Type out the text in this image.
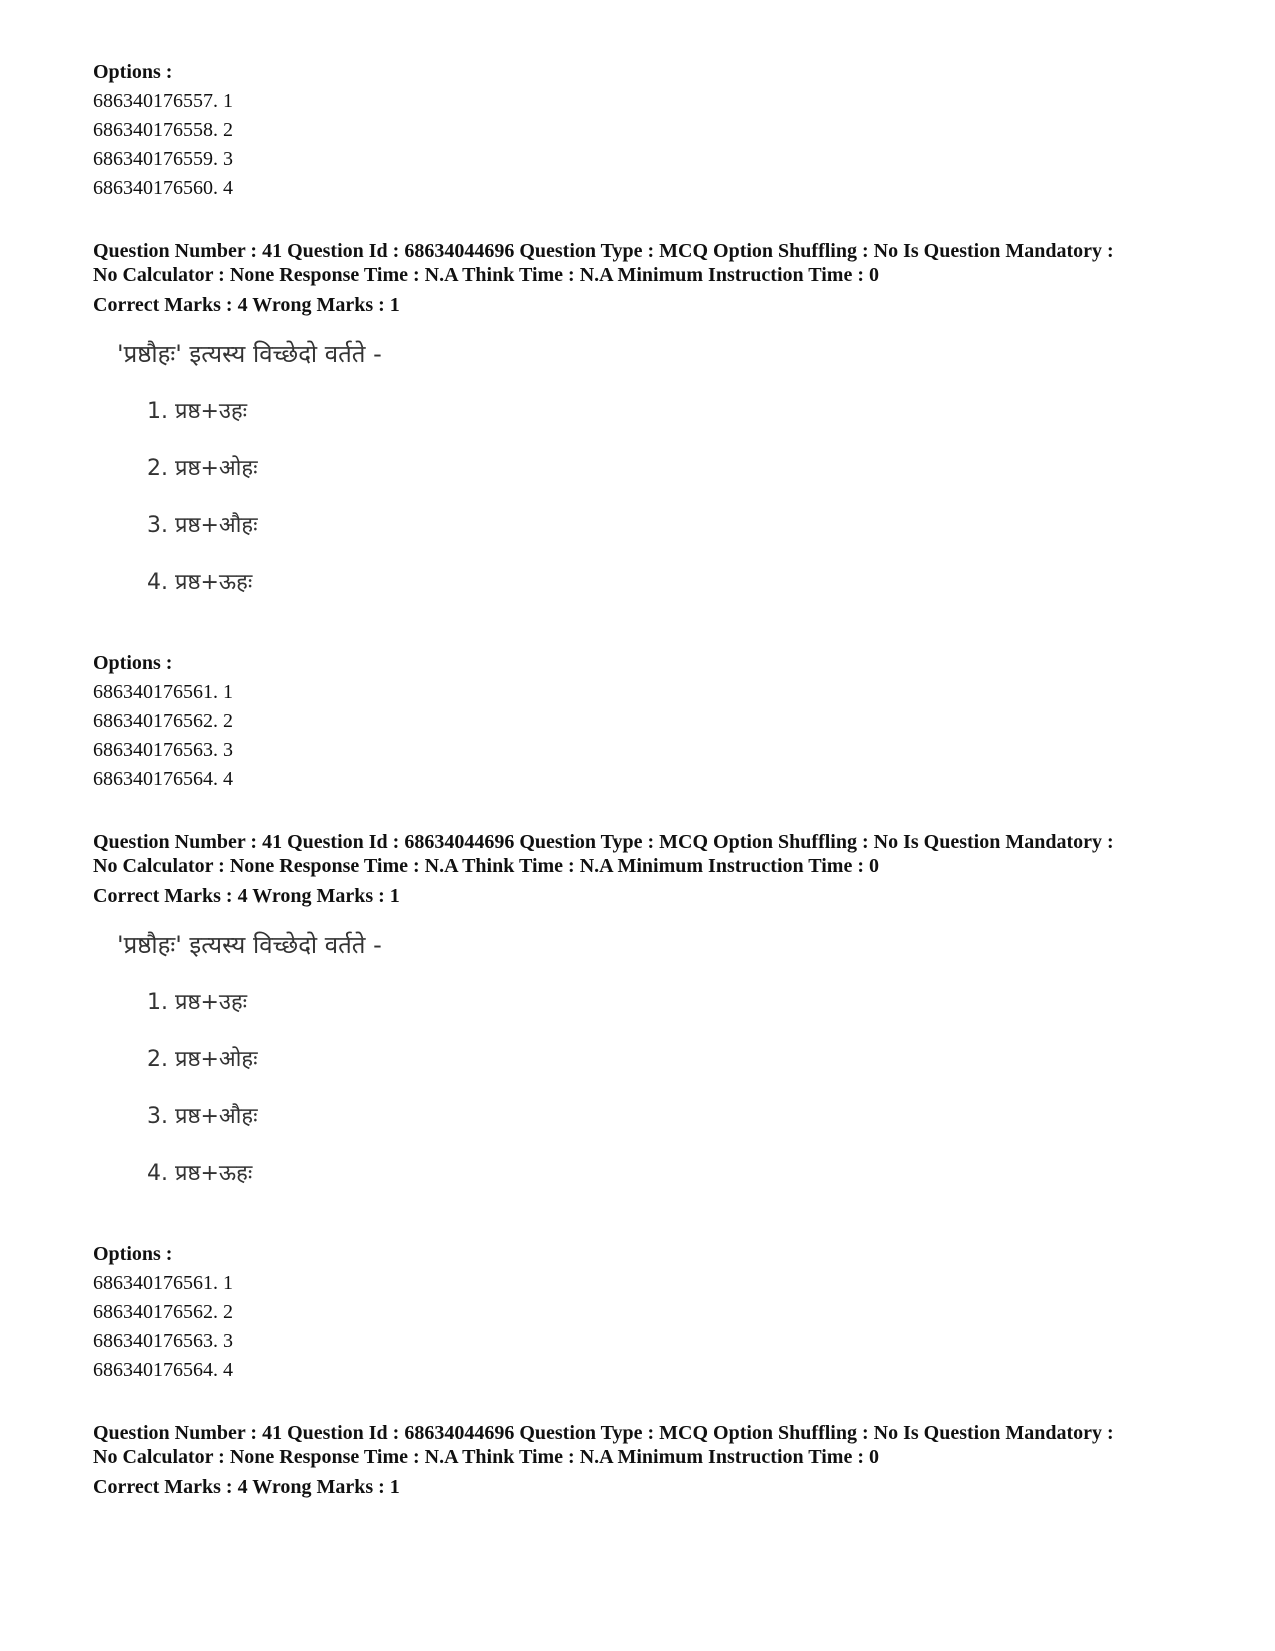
Options :
686340176557. 1
686340176558. 2
686340176559. 3
686340176560. 4
Question Number : 41 Question Id : 68634044696 Question Type : MCQ Option Shuffling : No Is Question Mandatory :
No Calculator : None Response Time : N.A Think Time : N.A Minimum Instruction Time : 0
Correct Marks : 4 Wrong Marks : 1
'प्रष्ठौहः' इत्यस्य विच्छेदो वर्तते -
1. प्रष्ठ+उहः
2. प्रष्ठ+ओहः
3. प्रष्ठ+औहः
4. प्रष्ठ+ऊहः
Options :
686340176561. 1
686340176562. 2
686340176563. 3
686340176564. 4
Question Number : 41 Question Id : 68634044696 Question Type : MCQ Option Shuffling : No Is Question Mandatory :
No Calculator : None Response Time : N.A Think Time : N.A Minimum Instruction Time : 0
Correct Marks : 4 Wrong Marks : 1
'प्रष्ठौहः' इत्यस्य विच्छेदो वर्तते -
1. प्रष्ठ+उहः
2. प्रष्ठ+ओहः
3. प्रष्ठ+औहः
4. प्रष्ठ+ऊहः
Options :
686340176561. 1
686340176562. 2
686340176563. 3
686340176564. 4
Question Number : 41 Question Id : 68634044696 Question Type : MCQ Option Shuffling : No Is Question Mandatory :
No Calculator : None Response Time : N.A Think Time : N.A Minimum Instruction Time : 0
Correct Marks : 4 Wrong Marks : 1
